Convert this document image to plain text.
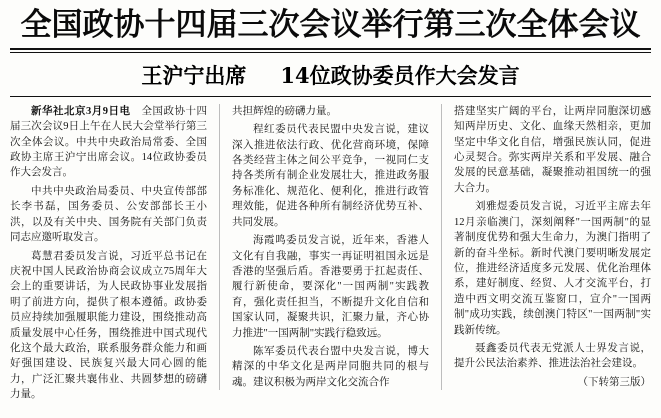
全国政协十四届三次会议举行第三次全体会议
王沪宁出席 14位政协委员作大会发言

新华社北京3月9日电　全国政协十四届三次会议9日上午在人民大会堂举行第三次全体会议。中共中央政治局常委、全国政协主席王沪宁出席会议。14位政协委员作大会发言。

中共中央政治局委员、中央宣传部部长李书磊，国务委员、公安部部长王小洪，以及有关中央、国务院有关部门负责同志应邀听取发言。

葛慧君委员发言说，习近平总书记在庆祝中国人民政治协商会议成立75周年大会上的重要讲话，为人民政协事业发展指明了前进方向，提供了根本遵循。政协委员应持续加强履职能力建设，围绕推动高质量发展中心任务，围绕推进中国式现代化这个最大政治，联系服务群众能力和画好强国建设、民族复兴最大同心圆的能力，广泛汇聚共襄伟业、共圆梦想的磅礴力量。

共担辉煌的磅礴力量。

程红委员代表民盟中央发言说，建议深入推进依法行政、优化营商环境，保障各类经营主体之间公平竞争，一视同仁支持各类所有制企业发展壮大，推进政务服务标准化、规范化、便利化，推进行政管理效能，促进各种所有制经济优势互补、共同发展。

海霞鸣委员发言说，近年来，香港人文化有自我融，事实一再证明祖国永远是香港的坚强后盾。香港要勇于扛起责任、履行新使命，要深化"一国两制"实践教育，强化责任担当，不断提升文化自信和国家认同，凝聚共识，汇聚力量，齐心协力推进"一国两制"实践行稳致远。

陈军委员代表台盟中央发言说，博大精深的中华文化是两岸同胞共同的根与魂。建议积极为两岸文化交流合作

搭建坚实广阔的平台，让两岸同胞深切感知两岸历史、文化、血缘天然相亲，更加坚定中华文化自信，增强民族认同，促进心灵契合。弥实两岸关系和平发展、融合发展的民意基础，凝聚推动祖国统一的强大合力。

刘雅煜委员发言说，习近平主席去年12月亲临澳门，深刻阐释"一国两制"的显著制度优势和强大生命力，为澳门指明了新的奋斗坐标。新时代澳门要明晰发展定位，推进经济适度多元发展、优化治理体系，建好制度、经贸、人才交流平台，打造中西文明交流互鉴窗口，宣介"一国两制"成功实践，续创澳门特区"一国两制"实践新传统。

聂鑫委员代表无党派人士界发言说，提升公民法治素养、推进法治社会建设。

（下转第三版）
